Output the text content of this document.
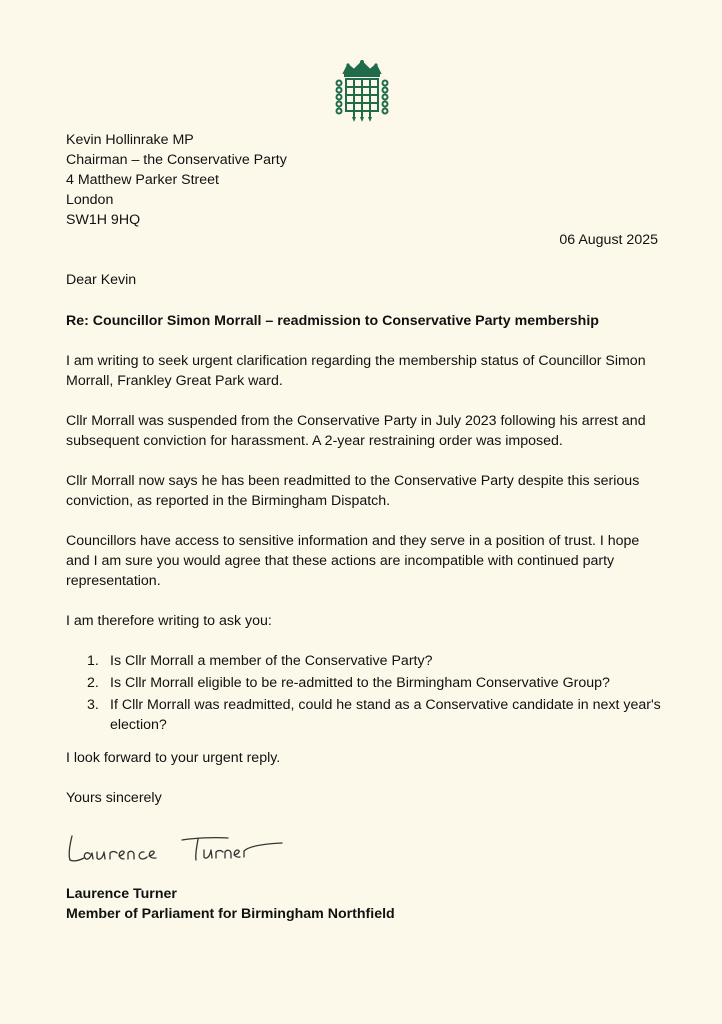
Kevin Hollinrake MP
Chairman – the Conservative Party
4 Matthew Parker Street
London
SW1H 9HQ
06 August 2025
Dear Kevin
Re: Councillor Simon Morrall – readmission to Conservative Party membership
I am writing to seek urgent clarification regarding the membership status of Councillor Simon Morrall, Frankley Great Park ward.
Cllr Morrall was suspended from the Conservative Party in July 2023 following his arrest and subsequent conviction for harassment. A 2-year restraining order was imposed.
Cllr Morrall now says he has been readmitted to the Conservative Party despite this serious conviction, as reported in the Birmingham Dispatch.
Councillors have access to sensitive information and they serve in a position of trust. I hope and I am sure you would agree that these actions are incompatible with continued party representation.
I am therefore writing to ask you:
1. Is Cllr Morrall a member of the Conservative Party?
2. Is Cllr Morrall eligible to be re-admitted to the Birmingham Conservative Group?
3. If Cllr Morrall was readmitted, could he stand as a Conservative candidate in next year's election?
I look forward to your urgent reply.
Yours sincerely
Laurence Turner
Member of Parliament for Birmingham Northfield
